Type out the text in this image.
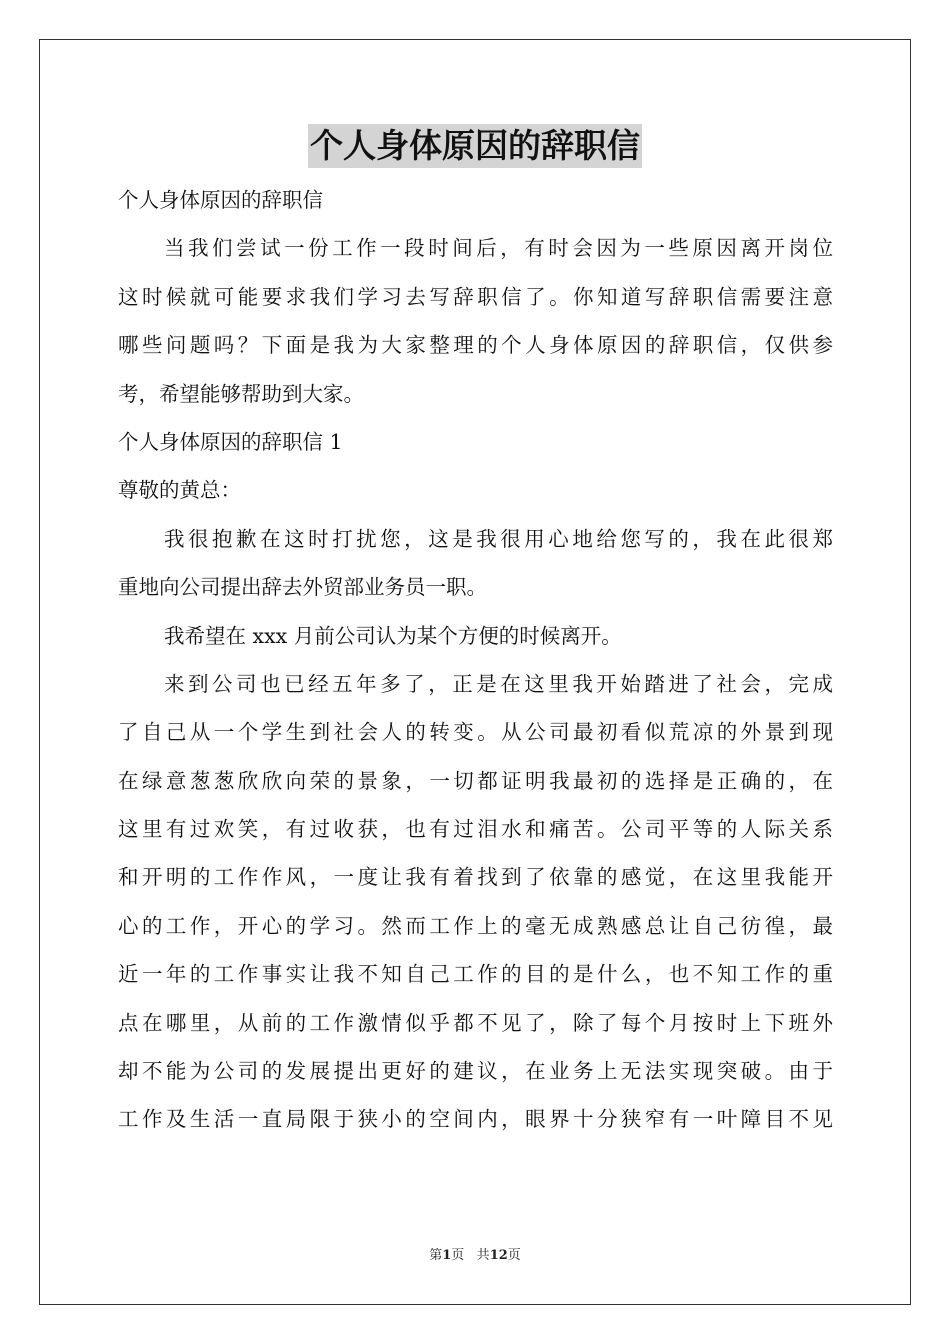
个人身体原因的辞职信
个人身体原因的辞职信
当我们尝试一份工作一段时间后，有时会因为一些原因离开岗位
这时候就可能要求我们学习去写辞职信了。你知道写辞职信需要注意
哪些问题吗？下面是我为大家整理的个人身体原因的辞职信，仅供参
考，希望能够帮助到大家。
个人身体原因的辞职信 1
尊敬的黄总：
我很抱歉在这时打扰您，这是我很用心地给您写的，我在此很郑
重地向公司提出辞去外贸部业务员一职。
我希望在 xxx 月前公司认为某个方便的时候离开。
来到公司也已经五年多了，正是在这里我开始踏进了社会，完成
了自己从一个学生到社会人的转变。从公司最初看似荒凉的外景到现
在绿意葱葱欣欣向荣的景象，一切都证明我最初的选择是正确的，在
这里有过欢笑，有过收获，也有过泪水和痛苦。公司平等的人际关系
和开明的工作作风，一度让我有着找到了依靠的感觉，在这里我能开
心的工作，开心的学习。然而工作上的毫无成熟感总让自己彷徨，最
近一年的工作事实让我不知自己工作的目的是什么，也不知工作的重
点在哪里，从前的工作激情似乎都不见了，除了每个月按时上下班外
却不能为公司的发展提出更好的建议，在业务上无法实现突破。由于
工作及生活一直局限于狭小的空间内，眼界十分狭窄有一叶障目不见
第1页 共12页
